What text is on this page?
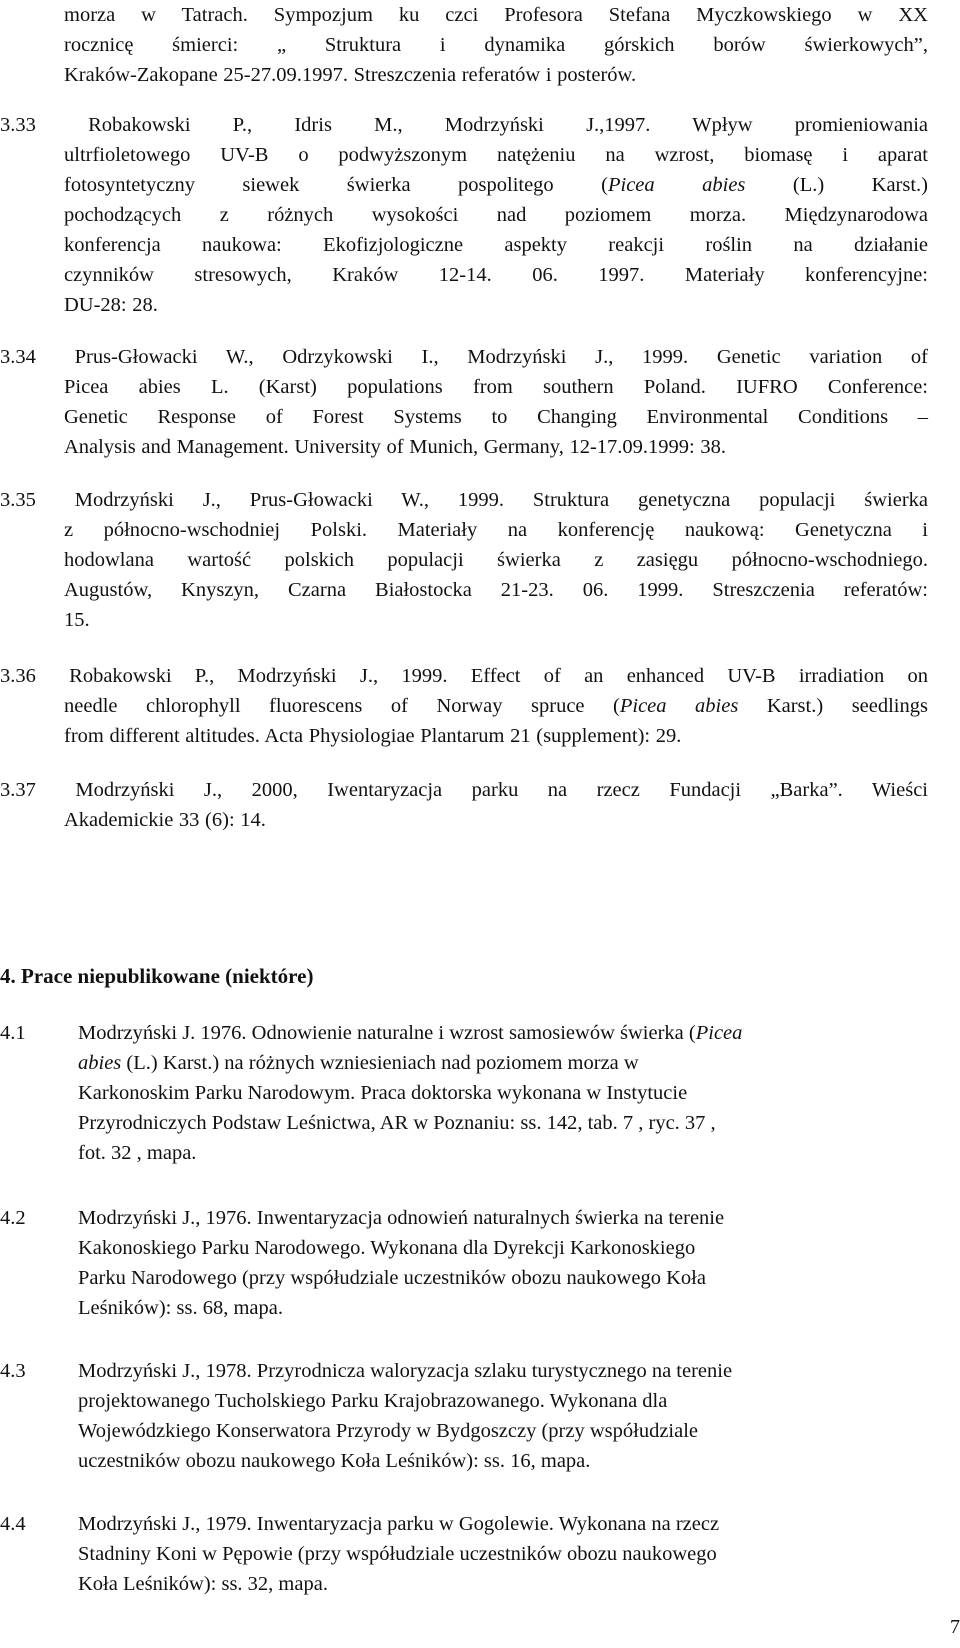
morza w Tatrach. Sympozjum ku czci Profesora Stefana Myczkowskiego w XX
rocznicę śmierci: „ Struktura i dynamika górskich borów świerkowych”,
Kraków-Zakopane 25-27.09.1997. Streszczenia referatów i posterów.
3.33	Robakowski P., Idris M., Modrzyński J.,1997. Wpływ promieniowania
ultrfioletowego UV-B o podwyższonym natężeniu na wzrost, biomasę i aparat
fotosyntetyczny siewek świerka pospolitego (Picea abies (L.) Karst.)
pochodzących z różnych wysokości nad poziomem morza. Międzynarodowa
konferencja naukowa: Ekofizjologiczne aspekty reakcji roślin na działanie
czynników stresowych, Kraków 12-14. 06. 1997. Materiały konferencyjne:
DU-28: 28.
3.34 Prus-Głowacki W., Odrzykowski I., Modrzyński J., 1999. Genetic variation of
Picea abies L. (Karst) populations from southern Poland. IUFRO Conference:
Genetic Response of Forest Systems to Changing Environmental Conditions –
Analysis and Management. University of Munich, Germany, 12-17.09.1999: 38.
3.35 Modrzyński J., Prus-Głowacki W., 1999. Struktura genetyczna populacji świerka
z północno-wschodniej Polski. Materiały na konferencję naukową: Genetyczna i
hodowlana wartość polskich populacji świerka z zasięgu północno-wschodniego.
Augustów, Knyszyn, Czarna Białostocka 21-23. 06. 1999. Streszczenia referatów:
15.
3.36 Robakowski P., Modrzyński J., 1999. Effect of an enhanced UV-B irradiation on
needle chlorophyll fluorescens of Norway spruce (Picea abies Karst.) seedlings
from different altitudes. Acta Physiologiae Plantarum 21 (supplement): 29.
3.37 Modrzyński J., 2000, Iwentaryzacja parku na rzecz Fundacji „Barka”. Wieści
Akademickie 33 (6): 14.
4. Prace niepublikowane (niektóre)
4.1	Modrzyński J. 1976. Odnowienie naturalne i wzrost samosiewów świerka (Picea
abies (L.) Karst.) na różnych wzniesieniach nad poziomem morza w
Karkonoskim Parku Narodowym. Praca doktorska wykonana w Instytucie
Przyrodniczych Podstaw Leśnictwa, AR w Poznaniu: ss. 142, tab. 7 , ryc. 37 ,
fot. 32 , mapa.
4.2	Modrzyński J., 1976. Inwentaryzacja odnowień naturalnych świerka na terenie
Kakonoskiego Parku Narodowego. Wykonana dla Dyrekcji Karkonoskiego
Parku Narodowego (przy współudziale uczestników obozu naukowego Koła
Leśników): ss. 68, mapa.
4.3	Modrzyński J., 1978. Przyrodnicza waloryzacja szlaku turystycznego na terenie
projektowanego Tucholskiego Parku Krajobrazowanego. Wykonana dla
Wojewódzkiego Konserwatora Przyrody w Bydgoszczy (przy współudziale
uczestników obozu naukowego Koła Leśników): ss. 16, mapa.
4.4	Modrzyński J., 1979. Inwentaryzacja parku w Gogolewie. Wykonana na rzecz
Stadniny Koni w Pępowie (przy współudziale uczestników obozu naukowego
Koła Leśników): ss. 32, mapa.
7
